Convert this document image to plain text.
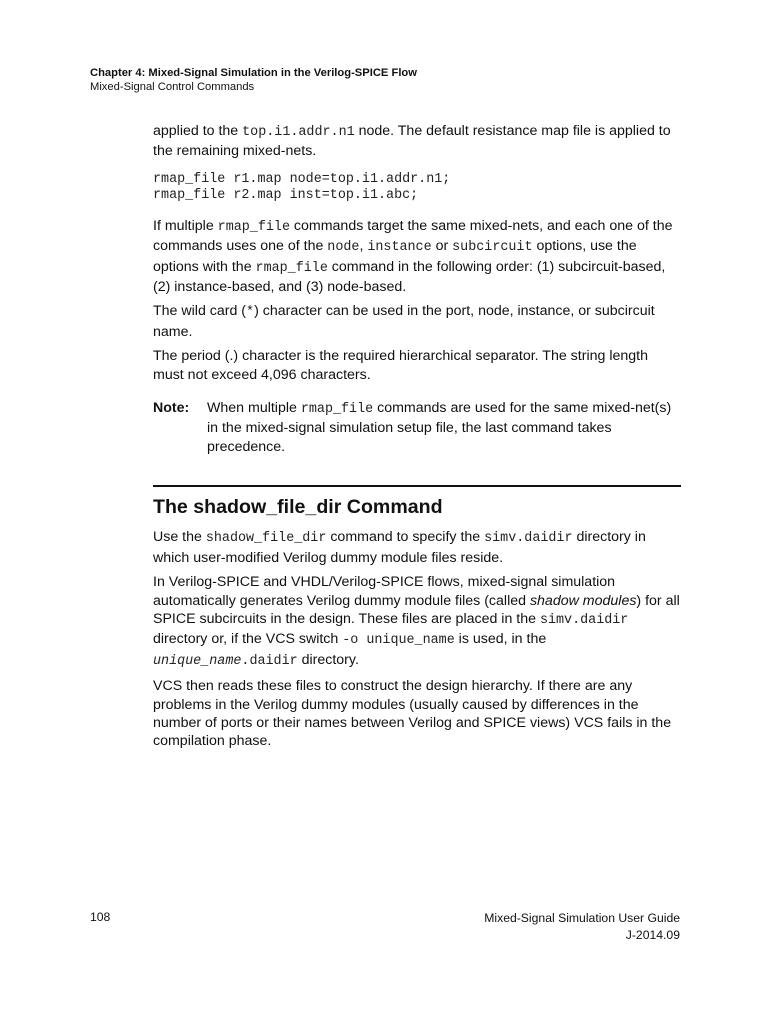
Chapter 4: Mixed-Signal Simulation in the Verilog-SPICE Flow
Mixed-Signal Control Commands

applied to the top.i1.addr.n1 node. The default resistance map file is applied to the remaining mixed-nets.

rmap_file r1.map node=top.i1.addr.n1;
rmap_file r2.map inst=top.i1.abc;

If multiple rmap_file commands target the same mixed-nets, and each one of the commands uses one of the node, instance or subcircuit options, use the options with the rmap_file command in the following order: (1) subcircuit-based, (2) instance-based, and (3) node-based.

The wild card (*) character can be used in the port, node, instance, or subcircuit name.

The period (.) character is the required hierarchical separator. The string length must not exceed 4,096 characters.

Note:	When multiple rmap_file commands are used for the same mixed-net(s) in the mixed-signal simulation setup file, the last command takes precedence.
The shadow_file_dir Command

Use the shadow_file_dir command to specify the simv.daidir directory in which user-modified Verilog dummy module files reside.

In Verilog-SPICE and VHDL/Verilog-SPICE flows, mixed-signal simulation automatically generates Verilog dummy module files (called shadow modules) for all SPICE subcircuits in the design. These files are placed in the simv.daidir directory or, if the VCS switch -o unique_name is used, in the unique_name.daidir directory.

VCS then reads these files to construct the design hierarchy. If there are any problems in the Verilog dummy modules (usually caused by differences in the number of ports or their names between Verilog and SPICE views) VCS fails in the compilation phase.

108	Mixed-Signal Simulation User Guide
J-2014.09
